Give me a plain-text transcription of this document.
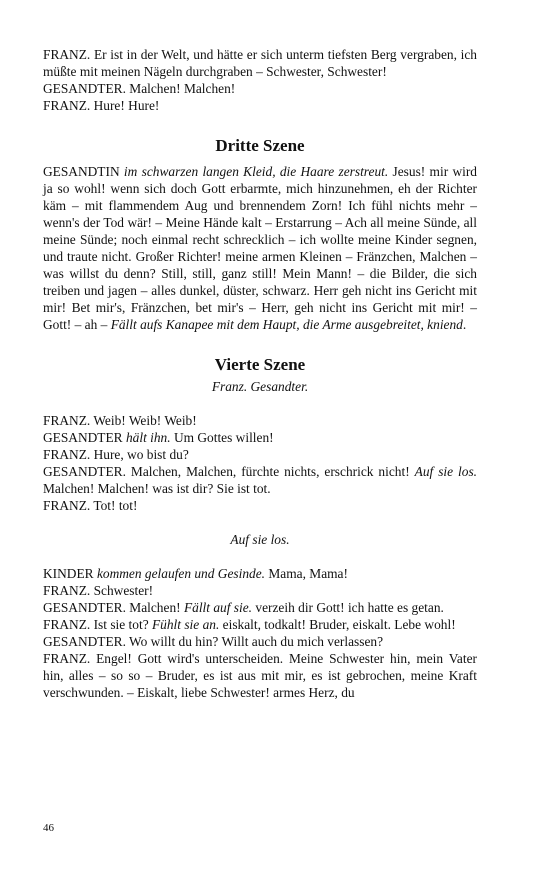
FRANZ. Er ist in der Welt, und hätte er sich unterm tiefsten Berg vergraben, ich müßte mit meinen Nägeln durchgraben – Schwester, Schwester!

GESANDTER. Malchen! Malchen!

FRANZ. Hure! Hure!

Dritte Szene

GESANDTIN im schwarzen langen Kleid, die Haare zerstreut. Jesus! mir wird ja so wohl! wenn sich doch Gott erbarmte, mich hinzunehmen, eh der Richter käm – mit flammendem Aug und brennendem Zorn! Ich fühl nichts mehr – wenn's der Tod wär! – Meine Hände kalt – Erstarrung – Ach all meine Sünde, all meine Sünde; noch einmal recht schrecklich – ich wollte meine Kinder segnen, und traute nicht. Großer Richter! meine armen Kleinen – Fränzchen, Malchen – was willst du denn? Still, still, ganz still! Mein Mann! – die Bilder, die sich treiben und jagen – alles dunkel, düster, schwarz. Herr geh nicht ins Gericht mit mir! Bet mir's, Fränzchen, bet mir's – Herr, geh nicht ins Gericht mit mir! – Gott! – ah – Fällt aufs Kanapee mit dem Haupt, die Arme ausgebreitet, kniend.

Vierte Szene

Franz. Gesandter.

FRANZ. Weib! Weib! Weib!

GESANDTER hält ihn. Um Gottes willen!

FRANZ. Hure, wo bist du?

GESANDTER. Malchen, Malchen, fürchte nichts, erschrick nicht! Auf sie los. Malchen! Malchen! was ist dir? Sie ist tot.

FRANZ. Tot! tot!

Auf sie los.

KINDER kommen gelaufen und Gesinde. Mama, Mama!

FRANZ. Schwester!

GESANDTER. Malchen! Fällt auf sie. verzeih dir Gott! ich hatte es getan.

FRANZ. Ist sie tot? Fühlt sie an. eiskalt, todkalt! Bruder, eiskalt. Lebe wohl!

GESANDTER. Wo willt du hin? Willt auch du mich verlassen?

FRANZ. Engel! Gott wird's unterscheiden. Meine Schwester hin, mein Vater hin, alles – so so – Bruder, es ist aus mit mir, es ist gebrochen, meine Kraft verschwunden. – Eiskalt, liebe Schwester! armes Herz, du

46
